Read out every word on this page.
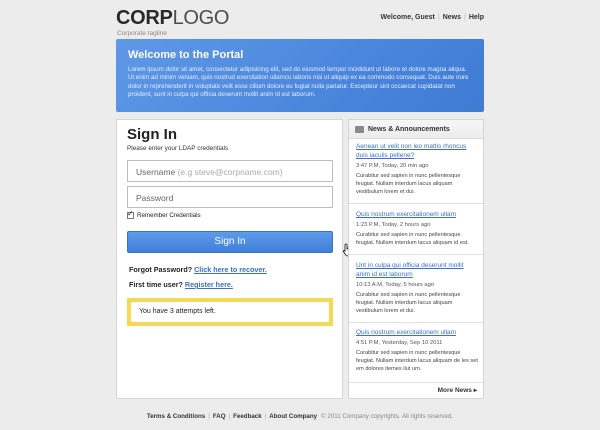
CORPLOGO
Corporate tagline
Welcome, Guest | News | Help
Welcome to the Portal

Lorem ipsum dolor sit amet, consectetur adipisicing elit, sed do eiusmod tempor incididunt ut labore et dolore magna aliqua. Ut enim ad minim veniam, quis nostrud exercitation ullamco laboris nisi ut aliquip ex ea commodo consequat. Duis aute irure dolor in reprehenderit in voluptate velit esse cillum dolore eu fugiat nulla pariatur. Excepteur sint occaecat cupidatat non proident, sunt in culpa qui officia deserunt mollit anim id est laborum.

Sign In
Please enter your LDAP credentials
Username (e.g steve@corpname.com)
Password
✓
Remember Credentials
Sign In
Forgot Password? Click here to recover.
First time user? Register here.
You have 3 attempts left.
News & Announcements
Aenean ut velit non leo mattis rhoncus duis iaculis pellene?
3:47 P.M, Today, 20 min ago
Curabitur sed sapien in nunc pellentesque feugiat. Nullam interdum lacus aliquam vestibulum lorem et dui.
Quis nostrum exercitationem ullam
1:23 P.M, Today, 2 hours ago
Curabitur sed sapien in nunc pellentesque feugiat. Nullam interdum lacus aliquam id est.
Unt in culpa qui officia deserunt mollit anim id est laborum
10:13 A.M, Today, 5 hours ago
Curabitur sed sapien in nunc pellentesque feugiat. Nullam interdum lacus aliquam vestibulum lorem et dui.
Quis nostrum exercitationem ullam
4:51 P.M, Yesterday, Sep 10 2011
Curabitur sed sapien in nunc pellentesque feugiat. Nullam interdum lacus aliquam de les set em dolores itemes ilut um.
More News ▸
Terms & Conditions | FAQ | Feedback | About Company © 2011 Company copyrights. All rights reserved.
